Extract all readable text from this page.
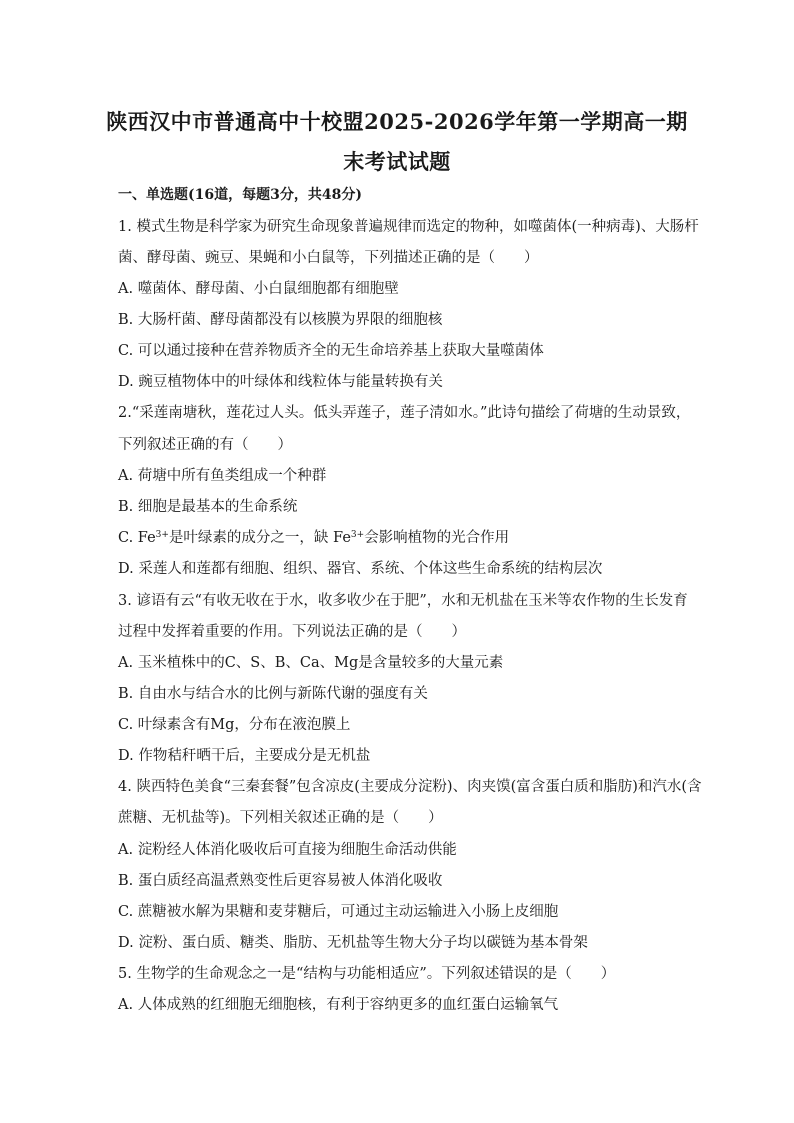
陕西汉中市普通高中十校盟2025-2026学年第一学期高一期
末考试试题
一、单选题(16道，每题3分，共48分)
1. 模式生物是科学家为研究生命现象普遍规律而选定的物种，如噬菌体(一种病毒)、大肠杆
菌、酵母菌、豌豆、果蝇和小白鼠等，下列描述正确的是（　　）
A. 噬菌体、酵母菌、小白鼠细胞都有细胞壁
B. 大肠杆菌、酵母菌都没有以核膜为界限的细胞核
C. 可以通过接种在营养物质齐全的无生命培养基上获取大量噬菌体
D. 豌豆植物体中的叶绿体和线粒体与能量转换有关
2.“采莲南塘秋，莲花过人头。低头弄莲子，莲子清如水。”此诗句描绘了荷塘的生动景致，
下列叙述正确的有（　　）
A. 荷塘中所有鱼类组成一个种群
B. 细胞是最基本的生命系统
C. $Fe^{3+}$是叶绿素的成分之一，缺 $Fe^{3+}$会影响植物的光合作用
D. 采莲人和莲都有细胞、组织、器官、系统、个体这些生命系统的结构层次
3. 谚语有云“有收无收在于水，收多收少在于肥”，水和无机盐在玉米等农作物的生长发育
过程中发挥着重要的作用。下列说法正确的是（　　）
A. 玉米植株中的C、S、B、Ca、Mg是含量较多的大量元素
B. 自由水与结合水的比例与新陈代谢的强度有关
C. 叶绿素含有Mg，分布在液泡膜上
D. 作物秸秆晒干后，主要成分是无机盐
4. 陕西特色美食“三秦套餐”包含凉皮(主要成分淀粉)、肉夹馍(富含蛋白质和脂肪)和汽水(含
蔗糖、无机盐等)。下列相关叙述正确的是（　　）
A. 淀粉经人体消化吸收后可直接为细胞生命活动供能
B. 蛋白质经高温煮熟变性后更容易被人体消化吸收
C. 蔗糖被水解为果糖和麦芽糖后，可通过主动运输进入小肠上皮细胞
D. 淀粉、蛋白质、糖类、脂肪、无机盐等生物大分子均以碳链为基本骨架
5. 生物学的生命观念之一是“结构与功能相适应”。下列叙述错误的是（　　）
A. 人体成熟的红细胞无细胞核，有利于容纳更多的血红蛋白运输氧气
